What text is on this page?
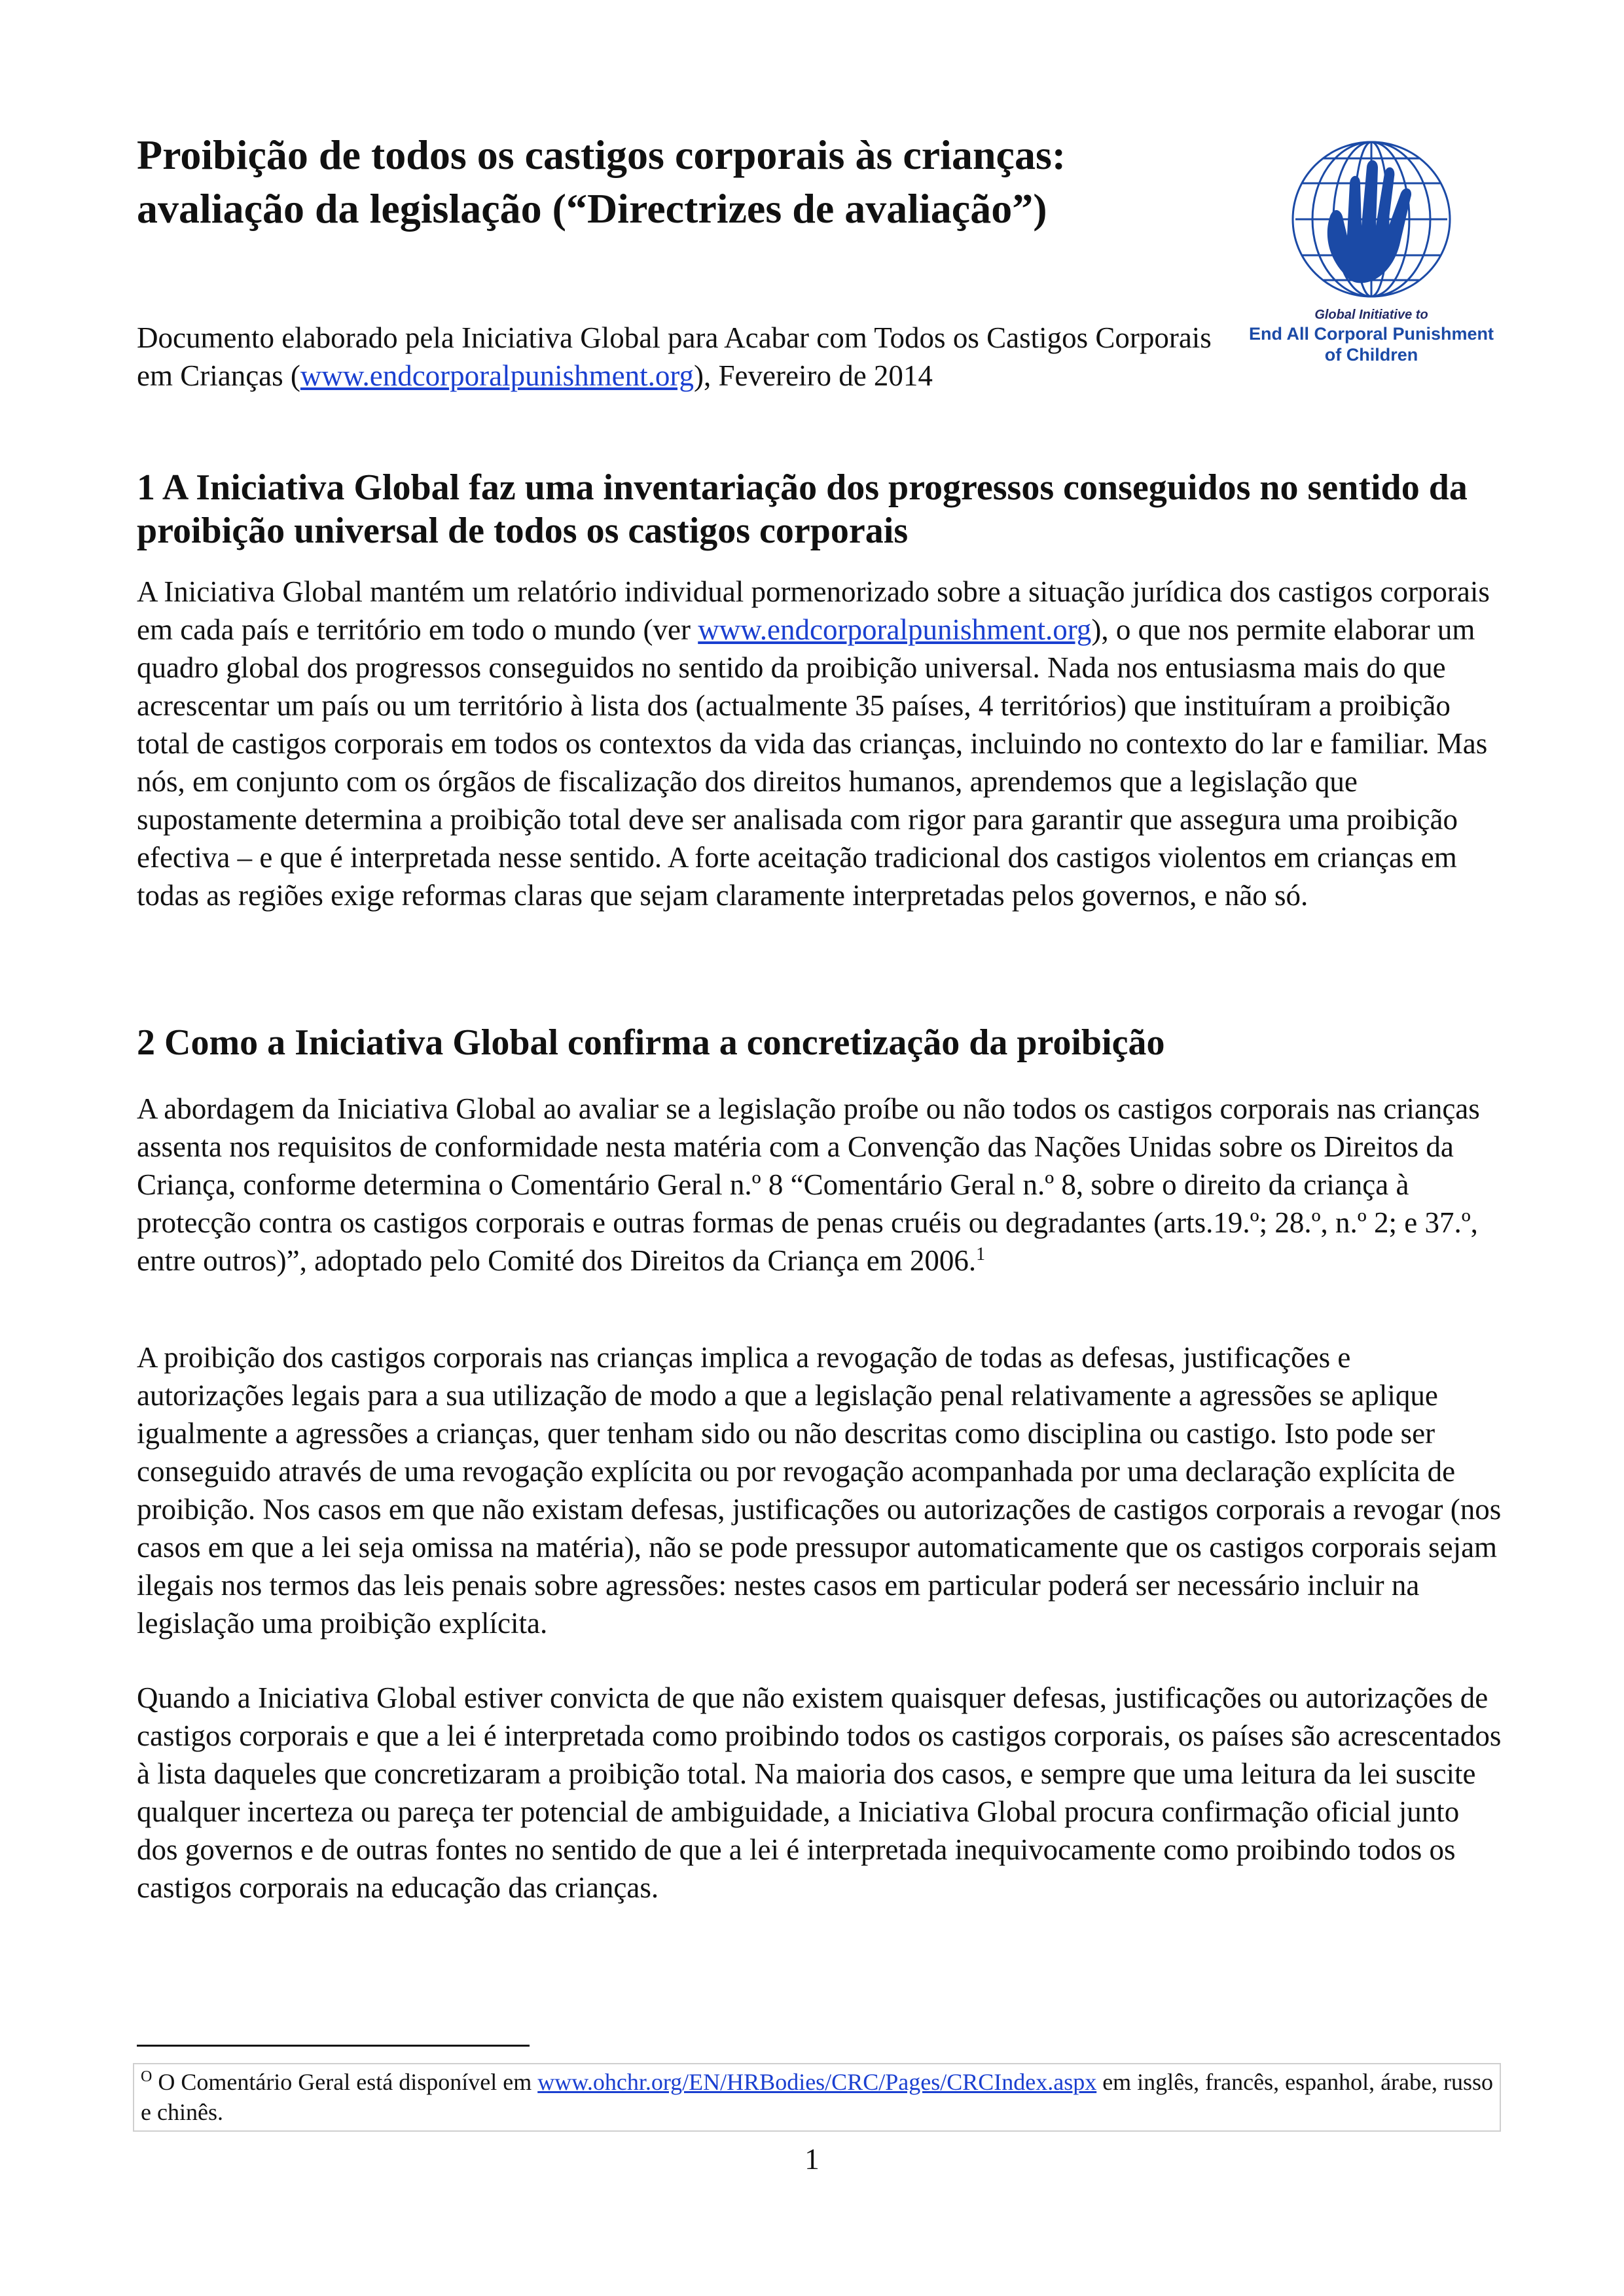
Proibição de todos os castigos corporais às crianças: avaliação da legislação (“Directrizes de avaliação”)

Documento elaborado pela Iniciativa Global para Acabar com Todos os Castigos Corporais em Crianças (www.endcorporalpunishment.org), Fevereiro de 2014

Global Initiative to
End All Corporal Punishment
of Children
1 A Iniciativa Global faz uma inventariação dos progressos conseguidos no sentido da proibição universal de todos os castigos corporais

A Iniciativa Global mantém um relatório individual pormenorizado sobre a situação jurídica dos castigos corporais em cada país e território em todo o mundo (ver www.endcorporalpunishment.org), o que nos permite elaborar um quadro global dos progressos conseguidos no sentido da proibição universal. Nada nos entusiasma mais do que acrescentar um país ou um território à lista dos (actualmente 35 países, 4 territórios) que instituíram a proibição total de castigos corporais em todos os contextos da vida das crianças, incluindo no contexto do lar e familiar. Mas nós, em conjunto com os órgãos de fiscalização dos direitos humanos, aprendemos que a legislação que supostamente determina a proibição total deve ser analisada com rigor para garantir que assegura uma proibição efectiva – e que é interpretada nesse sentido. A forte aceitação tradicional dos castigos violentos em crianças em todas as regiões exige reformas claras que sejam claramente interpretadas pelos governos, e não só.

2 Como a Iniciativa Global confirma a concretização da proibição

A abordagem da Iniciativa Global ao avaliar se a legislação proíbe ou não todos os castigos corporais nas crianças assenta nos requisitos de conformidade nesta matéria com a Convenção das Nações Unidas sobre os Direitos da Criança, conforme determina o Comentário Geral n.º 8 “Comentário Geral n.º 8, sobre o direito da criança à protecção contra os castigos corporais e outras formas de penas cruéis ou degradantes (arts.19.º; 28.º, n.º 2; e 37.º, entre outros)”, adoptado pelo Comité dos Direitos da Criança em 2006.$^1$

A proibição dos castigos corporais nas crianças implica a revogação de todas as defesas, justificações e autorizações legais para a sua utilização de modo a que a legislação penal relativamente a agressões se aplique igualmente a agressões a crianças, quer tenham sido ou não descritas como disciplina ou castigo. Isto pode ser conseguido através de uma revogação explícita ou por revogação acompanhada por uma declaração explícita de proibição. Nos casos em que não existam defesas, justificações ou autorizações de castigos corporais a revogar (nos casos em que a lei seja omissa na matéria), não se pode pressupor automaticamente que os castigos corporais sejam ilegais nos termos das leis penais sobre agressões: nestes casos em particular poderá ser necessário incluir na legislação uma proibição explícita.

Quando a Iniciativa Global estiver convicta de que não existem quaisquer defesas, justificações ou autorizações de castigos corporais e que a lei é interpretada como proibindo todos os castigos corporais, os países são acrescentados à lista daqueles que concretizaram a proibição total. Na maioria dos casos, e sempre que uma leitura da lei suscite qualquer incerteza ou pareça ter potencial de ambiguidade, a Iniciativa Global procura confirmação oficial junto dos governos e de outras fontes no sentido de que a lei é interpretada inequivocamente como proibindo todos os castigos corporais na educação das crianças.

$^O$ O Comentário Geral está disponível em www.ohchr.org/EN/HRBodies/CRC/Pages/CRCIndex.aspx em inglês, francês, espanhol, árabe, russo e chinês.
1
